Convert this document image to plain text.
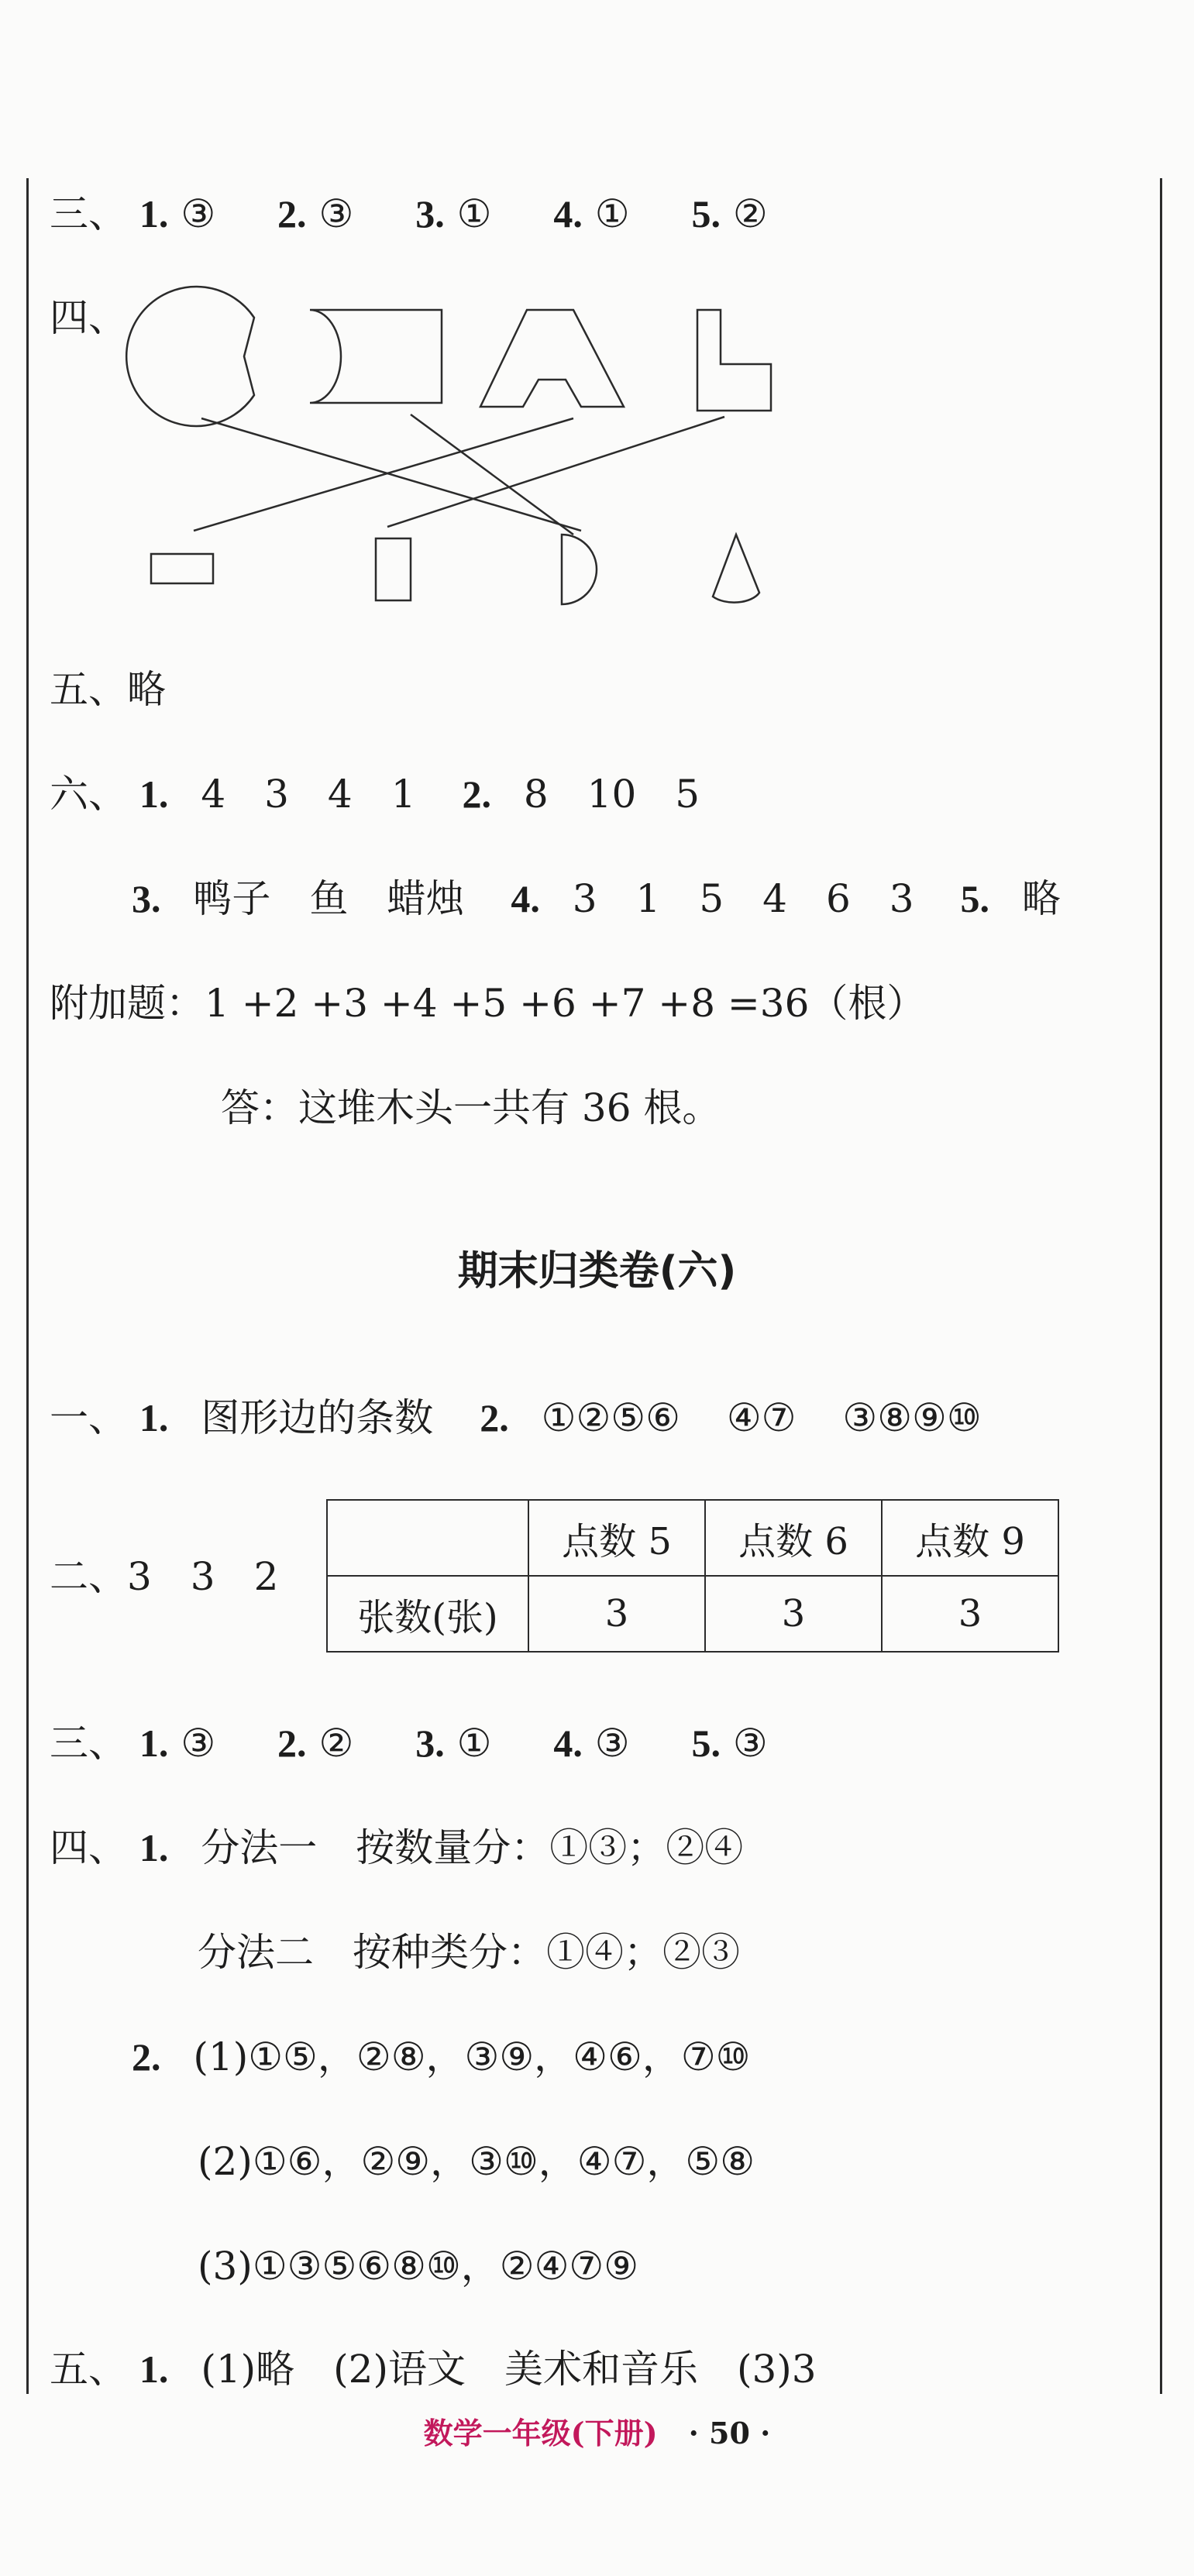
三、 1. ③ 2. ③ 3. ① 4. ① 5. ②
四、
五、略
六、 1. 4　3　4　1 2. 8　10　5
3. 鸭子　鱼　蜡烛 4. 3　1　5　4　6　3 5. 略
附加题：1 +2 +3 +4 +5 +6 +7 +8 =36（根）
答：这堆木头一共有 36 根。
期末归类卷(六)
一、 1. 图形边的条数 2. ①②⑤⑥ ④⑦ ③⑧⑨⑩
二、3　3　2
	点数 5	点数 6	点数 9
张数(张)	3	3	3
三、 1. ③ 2. ② 3. ① 4. ③ 5. ③
四、 1. 分法一　按数量分：①③；②④
分法二　按种类分：①④；②③
2. (1)①⑤，②⑧，③⑨，④⑥，⑦⑩
(2)①⑥，②⑨，③⑩，④⑦，⑤⑧
(3)①③⑤⑥⑧⑩，②④⑦⑨
五、 1. (1)略　(2)语文　美术和音乐　(3)3
数学一年级(下册) · 50 ·
